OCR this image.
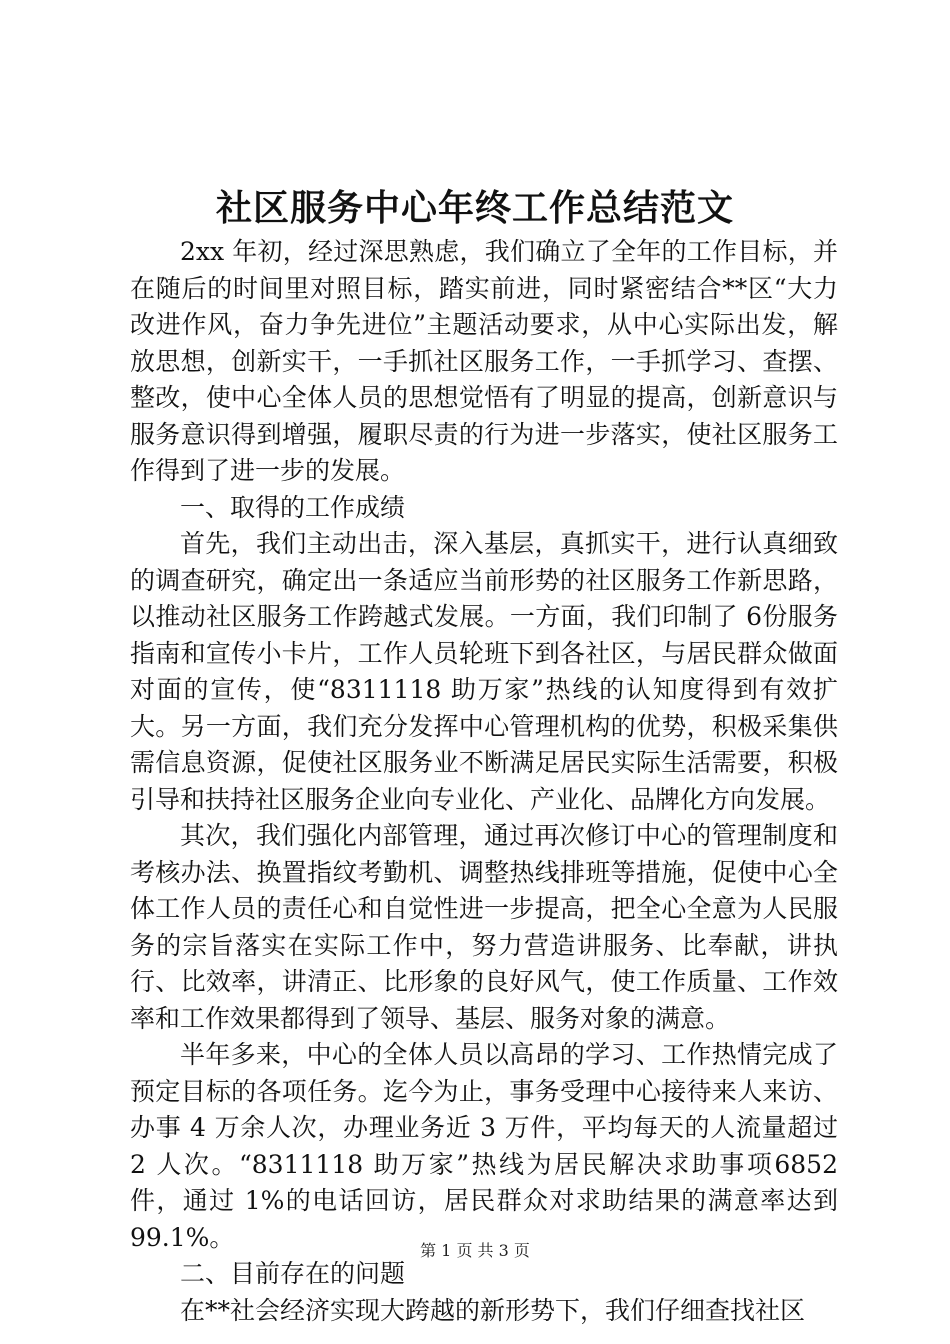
社区服务中心年终工作总结范文

2xx 年初，经过深思熟虑，我们确立了全年的工作目标，并在随后的时间里对照目标，踏实前进，同时紧密结合**区“大力改进作风，奋力争先进位”主题活动要求，从中心实际出发，解放思想，创新实干，一手抓社区服务工作，一手抓学习、查摆、整改，使中心全体人员的思想觉悟有了明显的提高，创新意识与服务意识得到增强，履职尽责的行为进一步落实，使社区服务工作得到了进一步的发展。

一、取得的工作成绩

首先，我们主动出击，深入基层，真抓实干，进行认真细致的调查研究，确定出一条适应当前形势的社区服务工作新思路，以推动社区服务工作跨越式发展。一方面，我们印制了 6份服务指南和宣传小卡片，工作人员轮班下到各社区，与居民群众做面对面的宣传，使“8311118 助万家”热线的认知度得到有效扩大。另一方面，我们充分发挥中心管理机构的优势，积极采集供需信息资源，促使社区服务业不断满足居民实际生活需要，积极引导和扶持社区服务企业向专业化、产业化、品牌化方向发展。

其次，我们强化内部管理，通过再次修订中心的管理制度和考核办法、换置指纹考勤机、调整热线排班等措施，促使中心全体工作人员的责任心和自觉性进一步提高，把全心全意为人民服务的宗旨落实在实际工作中，努力营造讲服务、比奉献，讲执行、比效率，讲清正、比形象的良好风气，使工作质量、工作效率和工作效果都得到了领导、基层、服务对象的满意。

半年多来，中心的全体人员以高昂的学习、工作热情完成了预定目标的各项任务。迄今为止，事务受理中心接待来人来访、办事 4 万余人次，办理业务近 3 万件，平均每天的人流量超过 2 人次。“8311118 助万家”热线为居民解决求助事项6852 件，通过 1%的电话回访，居民群众对求助结果的满意率达到 99.1%。

二、目前存在的问题

在**社会经济实现大跨越的新形势下，我们仔细查找社区

第 1 页 共 3 页
